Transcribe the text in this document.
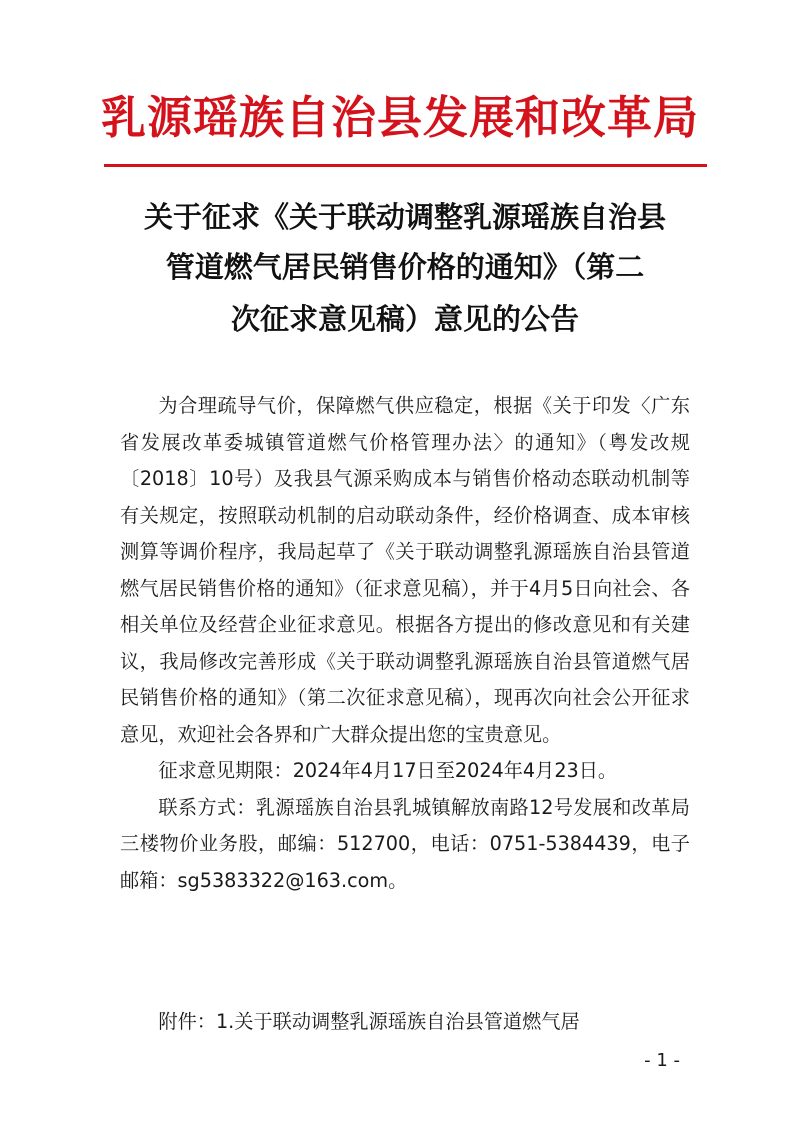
乳源瑶族自治县发展和改革局
关于征求《关于联动调整乳源瑶族自治县
管道燃气居民销售价格的通知》（第二
次征求意见稿）意见的公告

为合理疏导气价，保障燃气供应稳定，根据《关于印发〈广东省发展改革委城镇管道燃气价格管理办法〉的通知》（粤发改规〔2018〕10号）及我县气源采购成本与销售价格动态联动机制等有关规定，按照联动机制的启动联动条件，经价格调查、成本审核测算等调价程序，我局起草了《关于联动调整乳源瑶族自治县管道燃气居民销售价格的通知》（征求意见稿），并于4月5日向社会、各相关单位及经营企业征求意见。根据各方提出的修改意见和有关建议，我局修改完善形成《关于联动调整乳源瑶族自治县管道燃气居民销售价格的通知》（第二次征求意见稿），现再次向社会公开征求意见，欢迎社会各界和广大群众提出您的宝贵意见。

征求意见期限：2024年4月17日至2024年4月23日。

联系方式：乳源瑶族自治县乳城镇解放南路12号发展和改革局三楼物价业务股，邮编：512700，电话：0751-5384439，电子邮箱：sg5383322@163.com。

附件：1.关于联动调整乳源瑶族自治县管道燃气居
- 1 -
